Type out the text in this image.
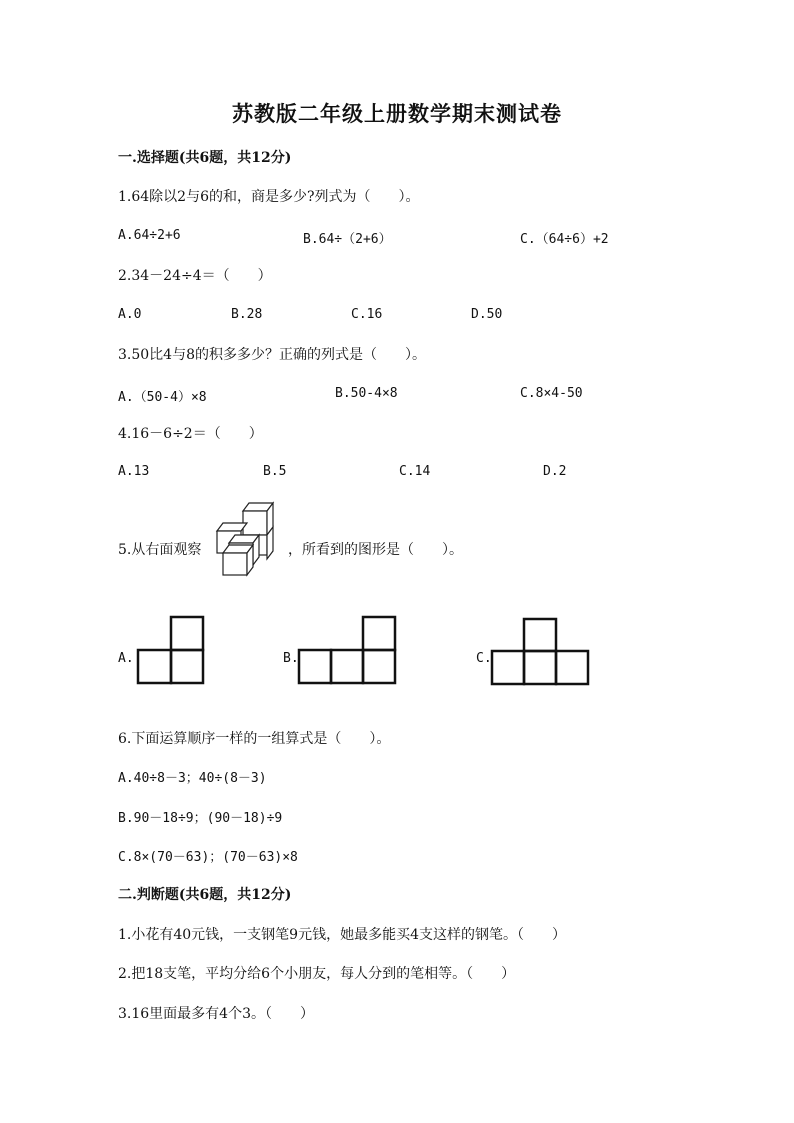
苏教版二年级上册数学期末测试卷
一.选择题(共6题，共12分)
1.64除以2与6的和，商是多少?列式为（　　）。
A.64÷2+6	B.64÷（2+6）	C.（64÷6）+2
2.34－24÷4＝（　　）
A.0	B.28	C.16	D.50
3.50比4与8的积多多少？正确的列式是（　　）。
A.（50-4）×8	B.50-4×8	C.8×4-50
4.16－6÷2＝（　　）
A.13	B.5	C.14	D.2
5.从右面观察	，所看到的图形是（　　）。
A.	B.	C.
6.下面运算顺序一样的一组算式是（　　）。
A.40÷8－3；40÷(8－3)
B.90－18÷9；(90－18)÷9
C.8×(70－63)；(70－63)×8
二.判断题(共6题，共12分)
1.小花有40元钱，一支钢笔9元钱，她最多能买4支这样的钢笔。（　　）
2.把18支笔，平均分给6个小朋友，每人分到的笔相等。（　　）
3.16里面最多有4个3。（　　）
